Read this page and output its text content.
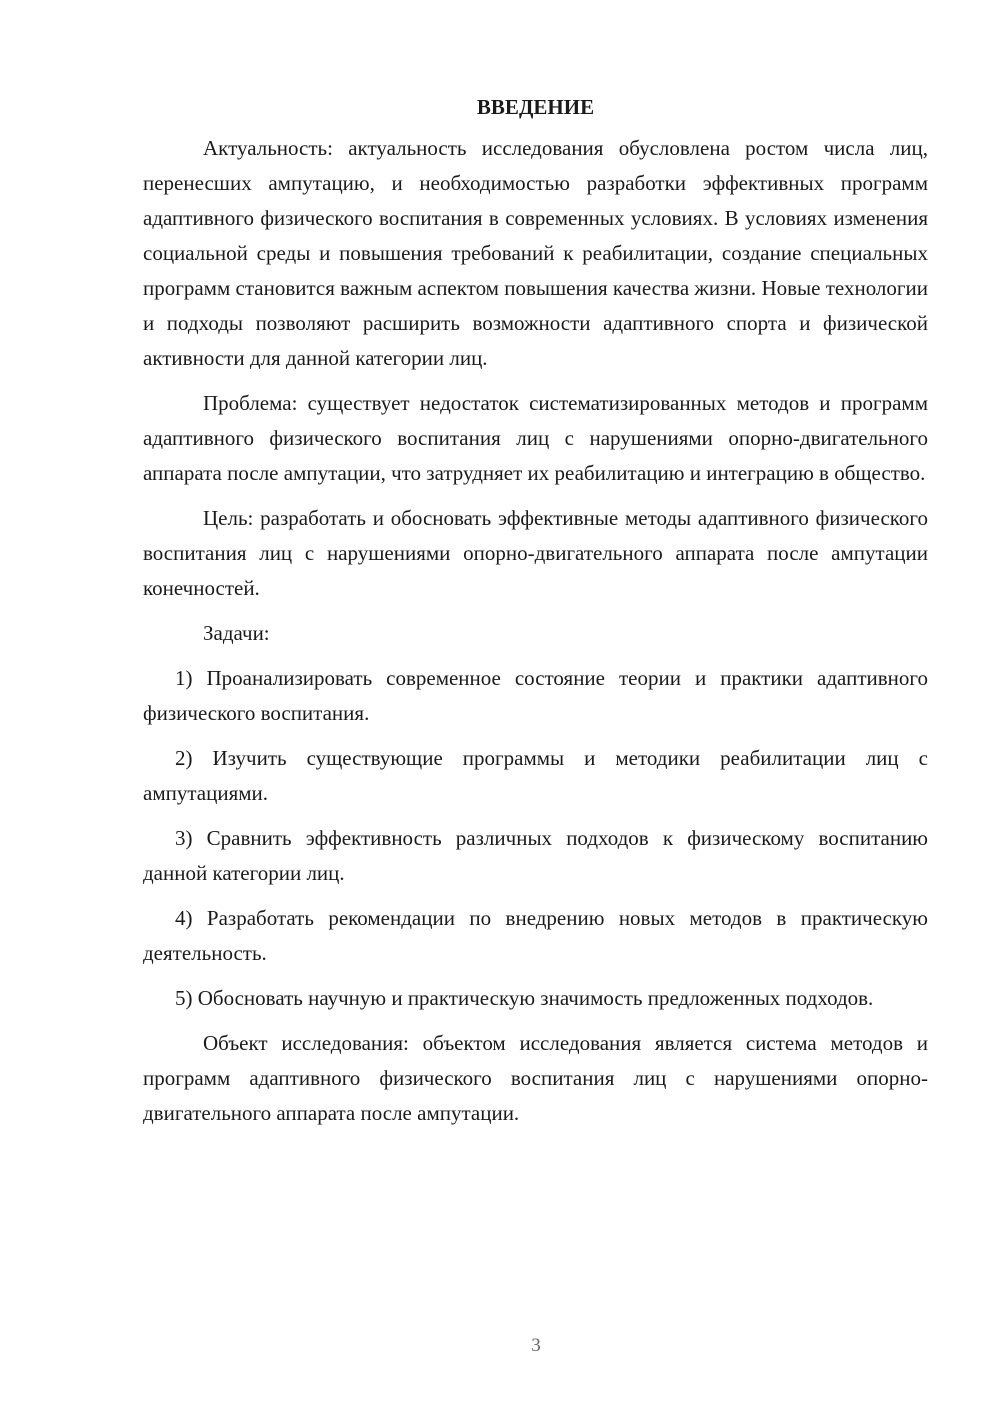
ВВЕДЕНИЕ

Актуальность: актуальность исследования обусловлена ростом числа лиц, перенесших ампутацию, и необходимостью разработки эффективных программ адаптивного физического воспитания в современных условиях. В условиях изменения социальной среды и повышения требований к реабилитации, создание специальных программ становится важным аспектом повышения качества жизни. Новые технологии и подходы позволяют расширить возможности адаптивного спорта и физической активности для данной категории лиц.

Проблема: существует недостаток систематизированных методов и программ адаптивного физического воспитания лиц с нарушениями опорно-двигательного аппарата после ампутации, что затрудняет их реабилитацию и интеграцию в общество.

Цель: разработать и обосновать эффективные методы адаптивного физического воспитания лиц с нарушениями опорно-двигательного аппарата после ампутации конечностей.

Задачи:

1) Проанализировать современное состояние теории и практики адаптивного физического воспитания.

2) Изучить существующие программы и методики реабилитации лиц с ампутациями.

3) Сравнить эффективность различных подходов к физическому воспитанию данной категории лиц.

4) Разработать рекомендации по внедрению новых методов в практическую деятельность.

5) Обосновать научную и практическую значимость предложенных подходов.

Объект исследования: объектом исследования является система методов и программ адаптивного физического воспитания лиц с нарушениями опорно-двигательного аппарата после ампутации.

3
